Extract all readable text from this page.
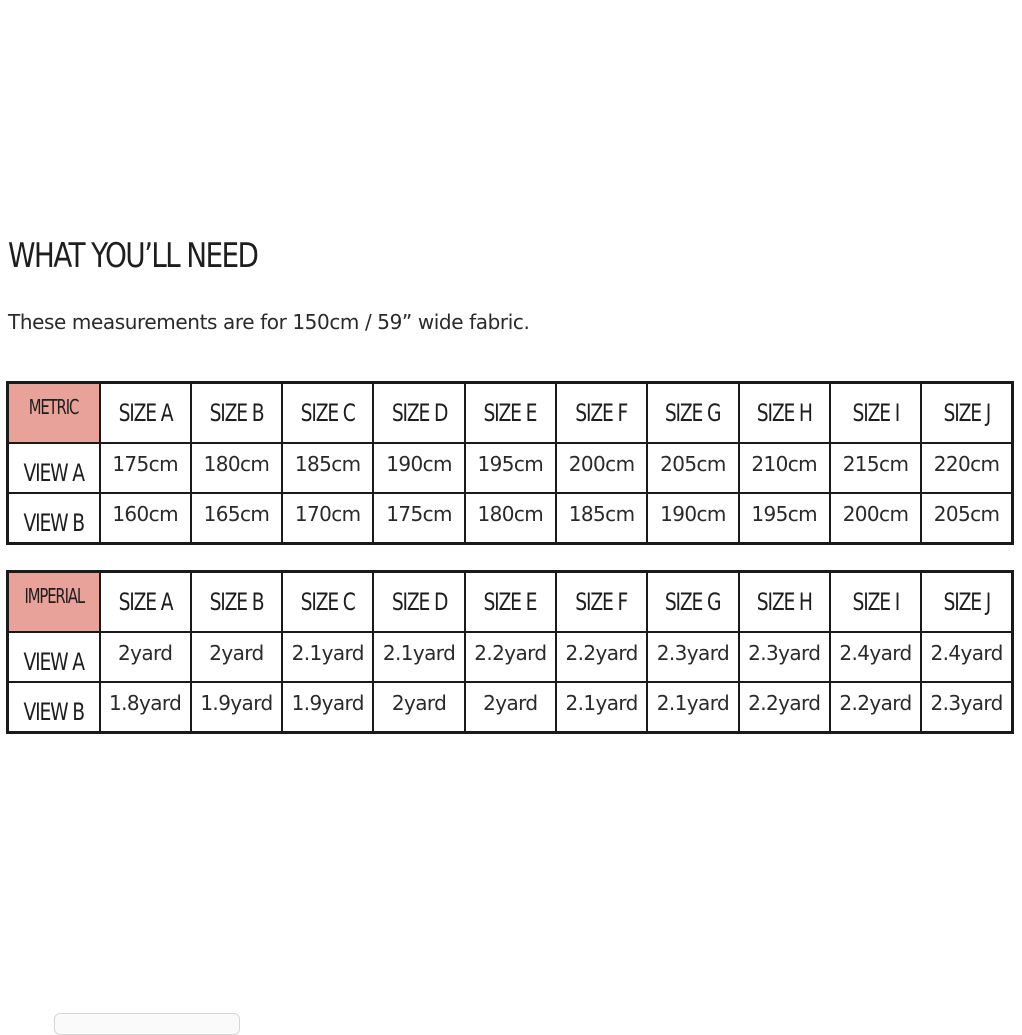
WHAT YOU’LL NEED

These measurements are for 150cm / 59” wide fabric.

METRIC	SIZE A	SIZE B	SIZE C	SIZE D	SIZE E	SIZE F	SIZE G	SIZE H	SIZE I	SIZE J
VIEW A	175cm	180cm	185cm	190cm	195cm	200cm	205cm	210cm	215cm	220cm
VIEW B	160cm	165cm	170cm	175cm	180cm	185cm	190cm	195cm	200cm	205cm
IMPERIAL	SIZE A	SIZE B	SIZE C	SIZE D	SIZE E	SIZE F	SIZE G	SIZE H	SIZE I	SIZE J
VIEW A	2yard	2yard	2.1yard	2.1yard	2.2yard	2.2yard	2.3yard	2.3yard	2.4yard	2.4yard
VIEW B	1.8yard	1.9yard	1.9yard	2yard	2yard	2.1yard	2.1yard	2.2yard	2.2yard	2.3yard
